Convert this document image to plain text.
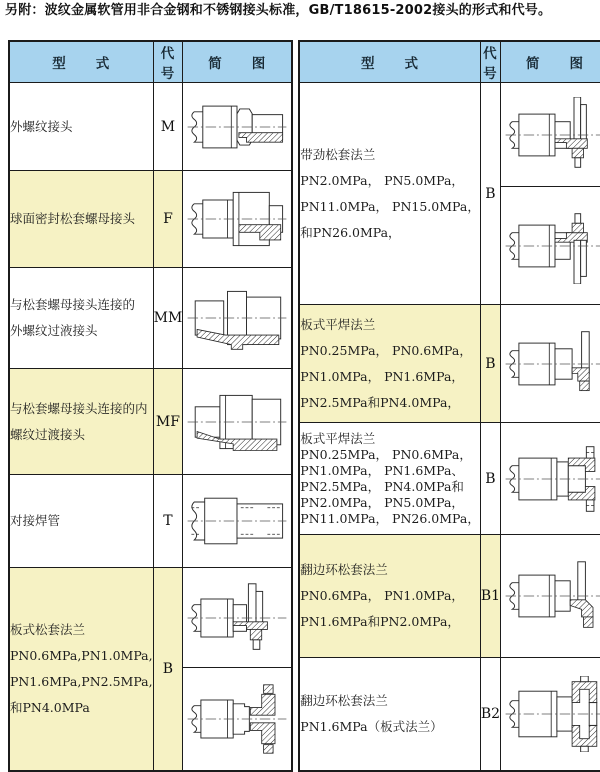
另附：波纹金属软管用非合金钢和不锈钢接头标准，GB/T18615-2002接头的形式和代号。
型　　式	代号	简　　图

外螺纹接头	M	

球面密封松套螺母接头	F	

与松套螺母接头连接的
外螺纹过液接头	MM	

与松套螺母接头连接的内
螺纹过渡接头	MF	

对接焊管	T	

板式松套法兰
PN0.6MPa,PN1.0MPa,
PN1.6MPa,PN2.5MPa,
和PN4.0MPa	B	

型　　式	代号	简　　图

带劲松套法兰
PN2.0MPa， PN5.0MPa，
PN11.0MPa， PN15.0MPa，
和PN26.0MPa，	B	

板式平焊法兰
PN0.25MPa， PN0.6MPa，
PN1.0MPa， PN1.6MPa，
PN2.5MPa和PN4.0MPa，	B	

板式平焊法兰
PN0.25MPa， PN0.6MPa，
PN1.0MPa， PN1.6MPa、
PN2.5MPa， PN4.0MPa和
PN2.0MPa， PN5.0MPa，
PN11.0MPa， PN26.0MPa，
	B	

翻边环松套法兰
PN0.6MPa， PN1.0MPa，
PN1.6MPa和PN2.0MPa，	B1	

翻边环松套法兰
PN1.6MPa（板式法兰）	B2	
